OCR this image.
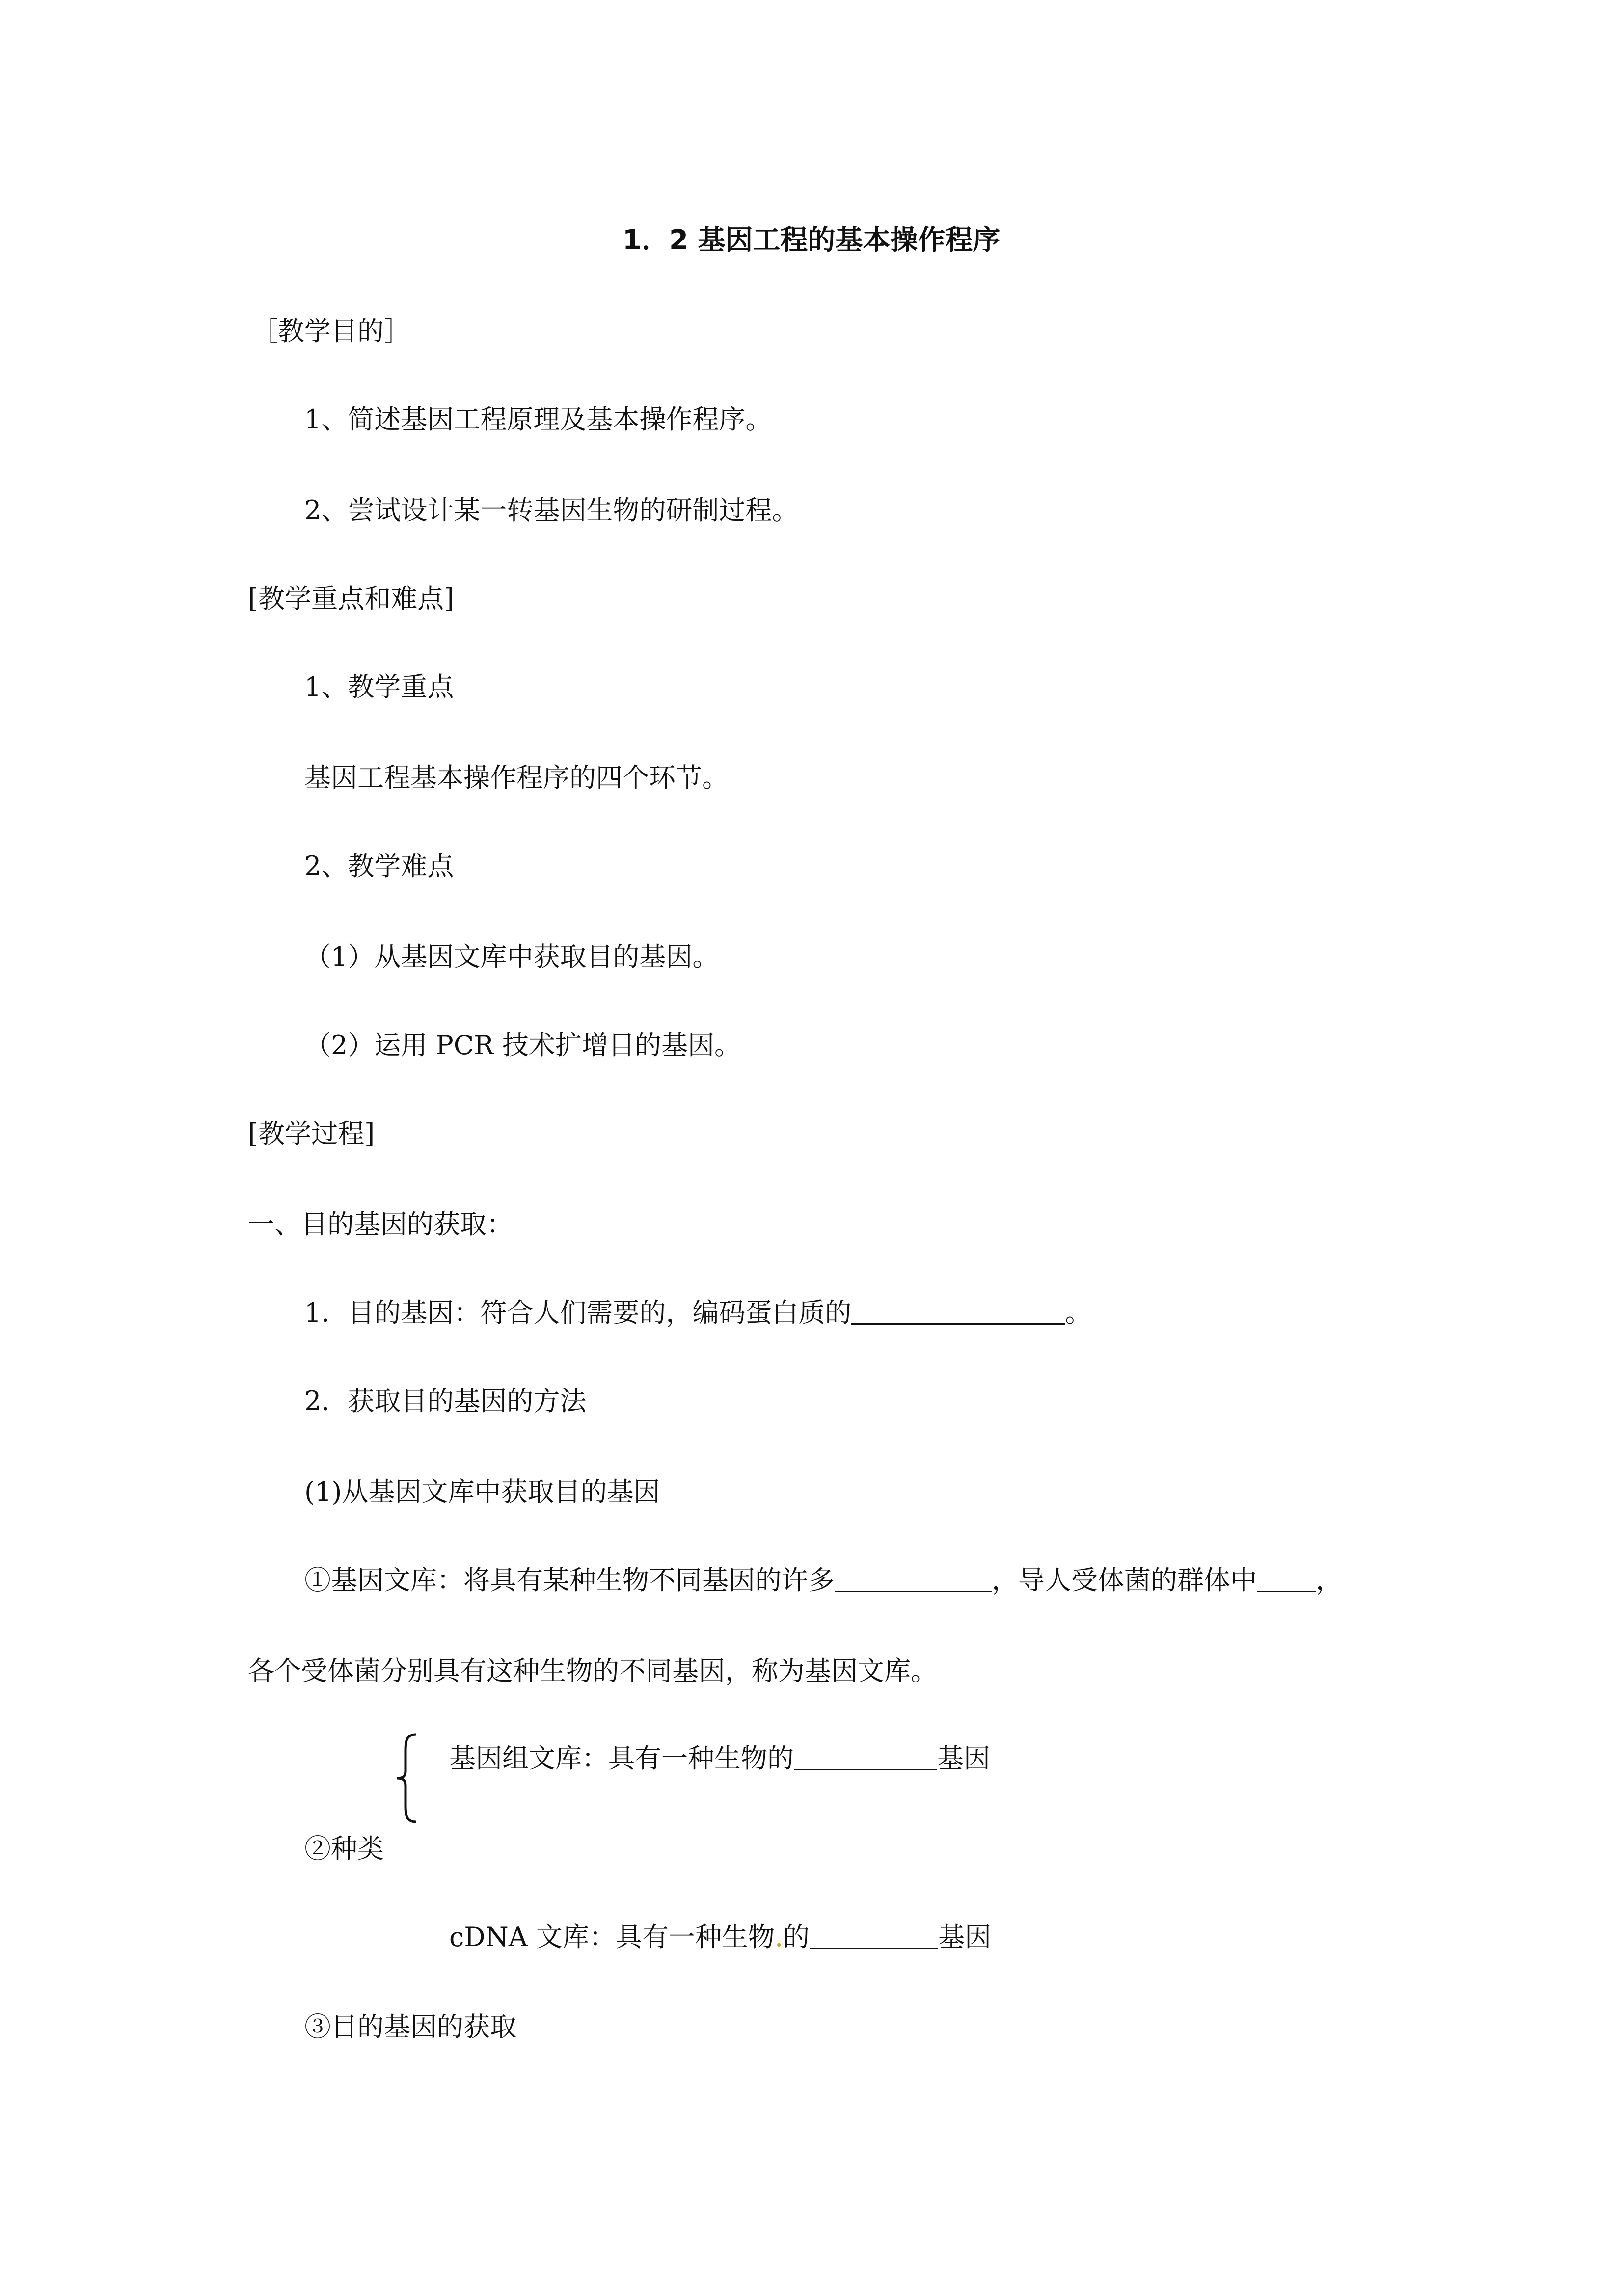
1．2 基因工程的基本操作程序
［教学目的］
1、简述基因工程原理及基本操作程序。
2、尝试设计某一转基因生物的研制过程。
[教学重点和难点]
1、教学重点
基因工程基本操作程序的四个环节。
2、教学难点
（1）从基因文库中获取目的基因。
（2）运用 PCR 技术扩增目的基因。
[教学过程]
一、目的基因的获取：
1．目的基因：符合人们需要的，编码蛋白质的	。
2．获取目的基因的方法
(1)从基因文库中获取目的基因
①基因文库：将具有某种生物不同基因的许多	，导人受体菌的群体中 ，
各个受体菌分别具有这种生物的不同基因，称为基因文库。
基因组文库：具有一种生物的	基因
②种类
cDNA 文库：具有一种生物.的	基因
③目的基因的获取
